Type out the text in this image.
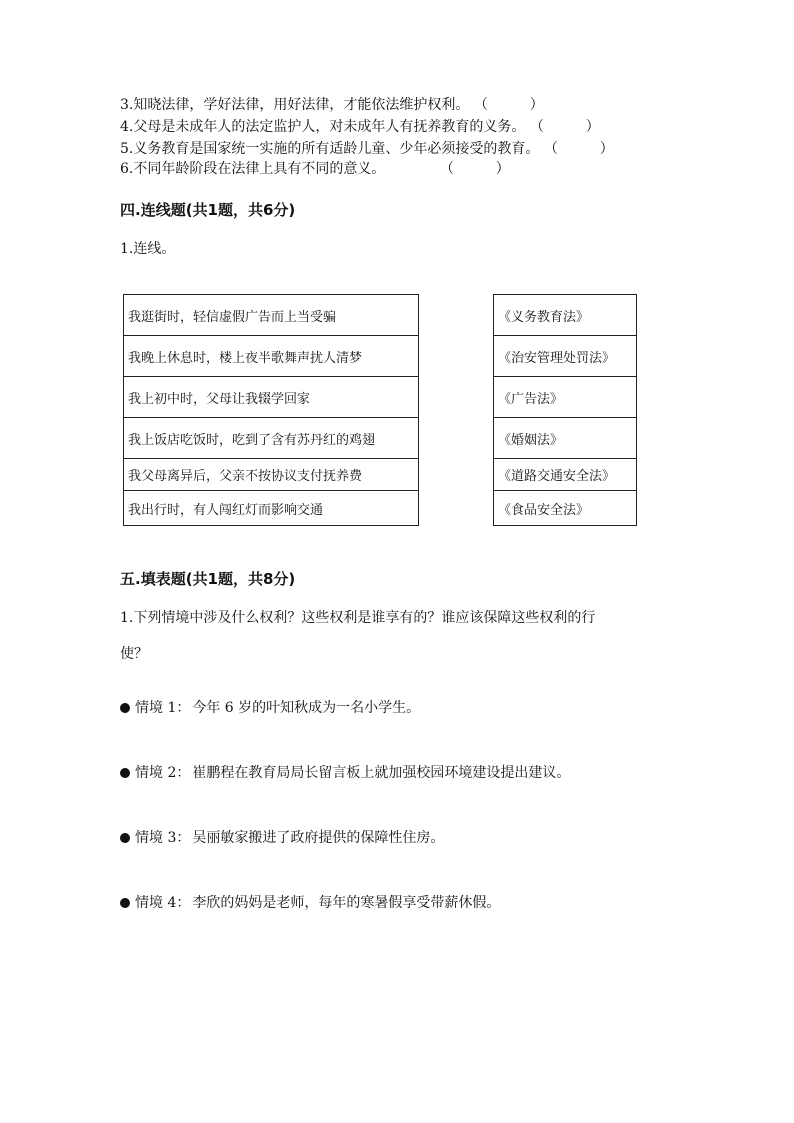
3.知晓法律，学好法律，用好法律，才能依法维护权利。 （　　　）
4.父母是未成年人的法定监护人，对未成年人有抚养教育的义务。 （　　　）
5.义务教育是国家统一实施的所有适龄儿童、少年必须接受的教育。 （　　　）
6.不同年龄阶段在法律上具有不同的意义。	（　　　）
四.连线题(共1题，共6分)
1.连线。
我逛街时，轻信虚假广告而上当受骗
我晚上休息时，楼上夜半歌舞声扰人清梦
我上初中时，父母让我辍学回家
我上饭店吃饭时，吃到了含有苏丹红的鸡翅
我父母离异后，父亲不按协议支付抚养费
我出行时，有人闯红灯而影响交通
《义务教育法》
《治安管理处罚法》
《广告法》
《婚姻法》
《道路交通安全法》
《食品安全法》
五.填表题(共1题，共8分)
1.下列情境中涉及什么权利？这些权利是谁享有的？谁应该保障这些权利的行
使？
情境 1： 今年 6 岁的叶知秋成为一名小学生。
情境 2： 崔鹏程在教育局局长留言板上就加强校园环境建设提出建议。
情境 3： 吴丽敏家搬进了政府提供的保障性住房。
情境 4： 李欣的妈妈是老师，每年的寒暑假享受带薪休假。
